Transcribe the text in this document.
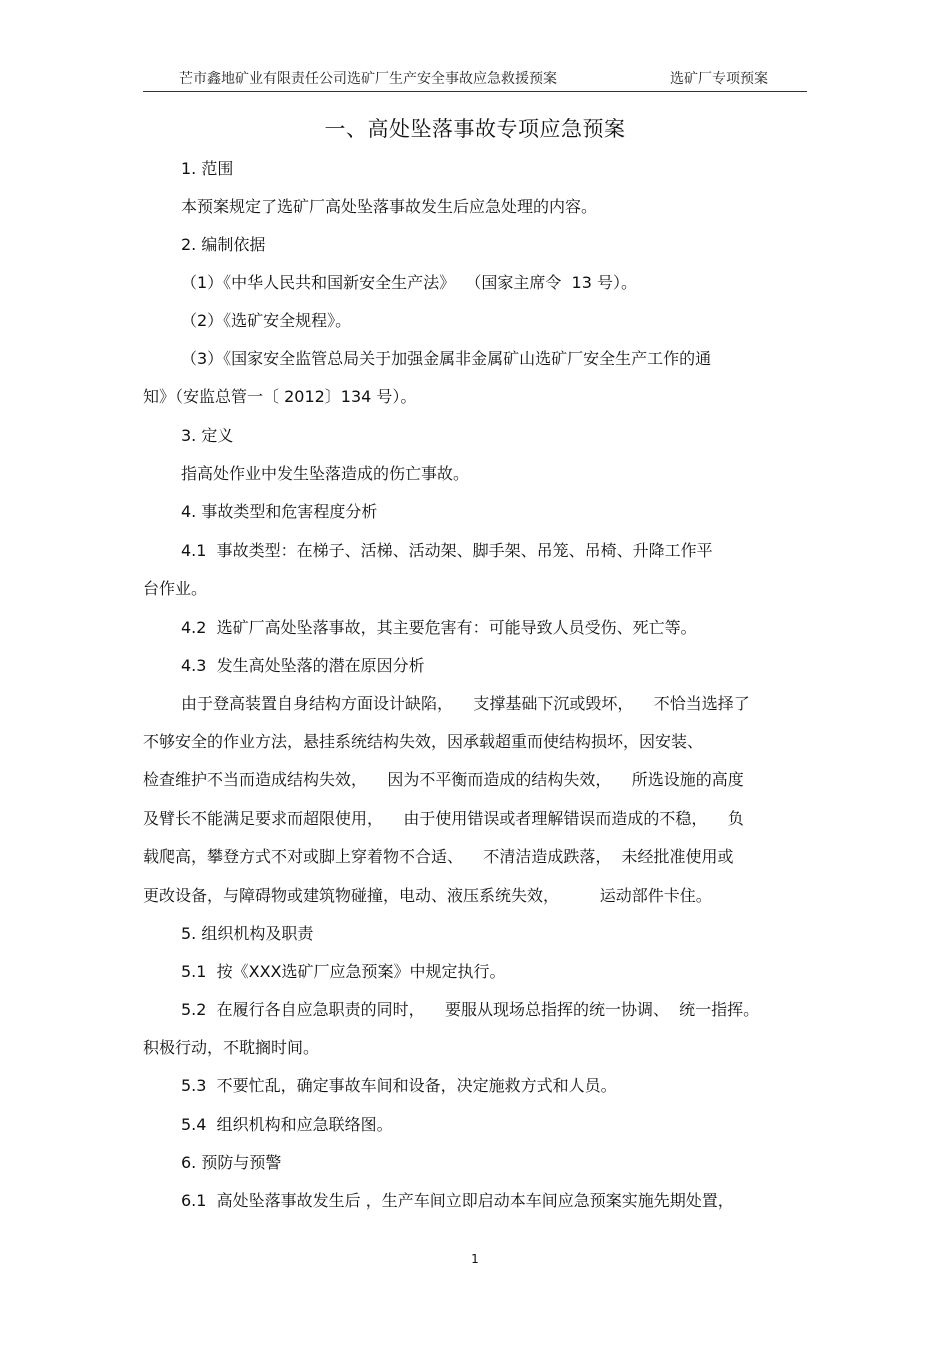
芒市鑫地矿业有限责任公司选矿厂生产安全事故应急救援预案	选矿厂专项预案
一、高处坠落事故专项应急预案
1. 范围
本预案规定了选矿厂高处坠落事故发生后应急处理的内容。
2. 编制依据
（1）《中华人民共和国新安全生产法》  （国家主席令  13 号）。
（2）《选矿安全规程》。
（3）《国家安全监管总局关于加强金属非金属矿山选矿厂安全生产工作的通
知》（安监总管一〔 2012〕134 号）。
3. 定义
指高处作业中发生坠落造成的伤亡事故。
4. 事故类型和危害程度分析
4.1  事故类型：在梯子、活梯、活动架、脚手架、吊笼、吊椅、升降工作平
台作业。
4.2  选矿厂高处坠落事故，其主要危害有：可能导致人员受伤、死亡等。
4.3  发生高处坠落的潜在原因分析
由于登高装置自身结构方面设计缺陷，    支撑基础下沉或毁坏，    不恰当选择了
不够安全的作业方法，悬挂系统结构失效，因承载超重而使结构损坏，因安装、
检查维护不当而造成结构失效，    因为不平衡而造成的结构失效，    所选设施的高度
及臂长不能满足要求而超限使用，    由于使用错误或者理解错误而造成的不稳，    负
载爬高，攀登方式不对或脚上穿着物不合适、    不清洁造成跌落，  未经批准使用或
更改设备，与障碍物或建筑物碰撞，电动、液压系统失效，        运动部件卡住。
5. 组织机构及职责
5.1  按《XXX选矿厂应急预案》中规定执行。
5.2  在履行各自应急职责的同时，    要服从现场总指挥的统一协调、  统一指挥。
积极行动，不耽搁时间。
5.3  不要忙乱，确定事故车间和设备，决定施救方式和人员。
5.4  组织机构和应急联络图。
6. 预防与预警
6.1  高处坠落事故发生后 ，生产车间立即启动本车间应急预案实施先期处置，
1
